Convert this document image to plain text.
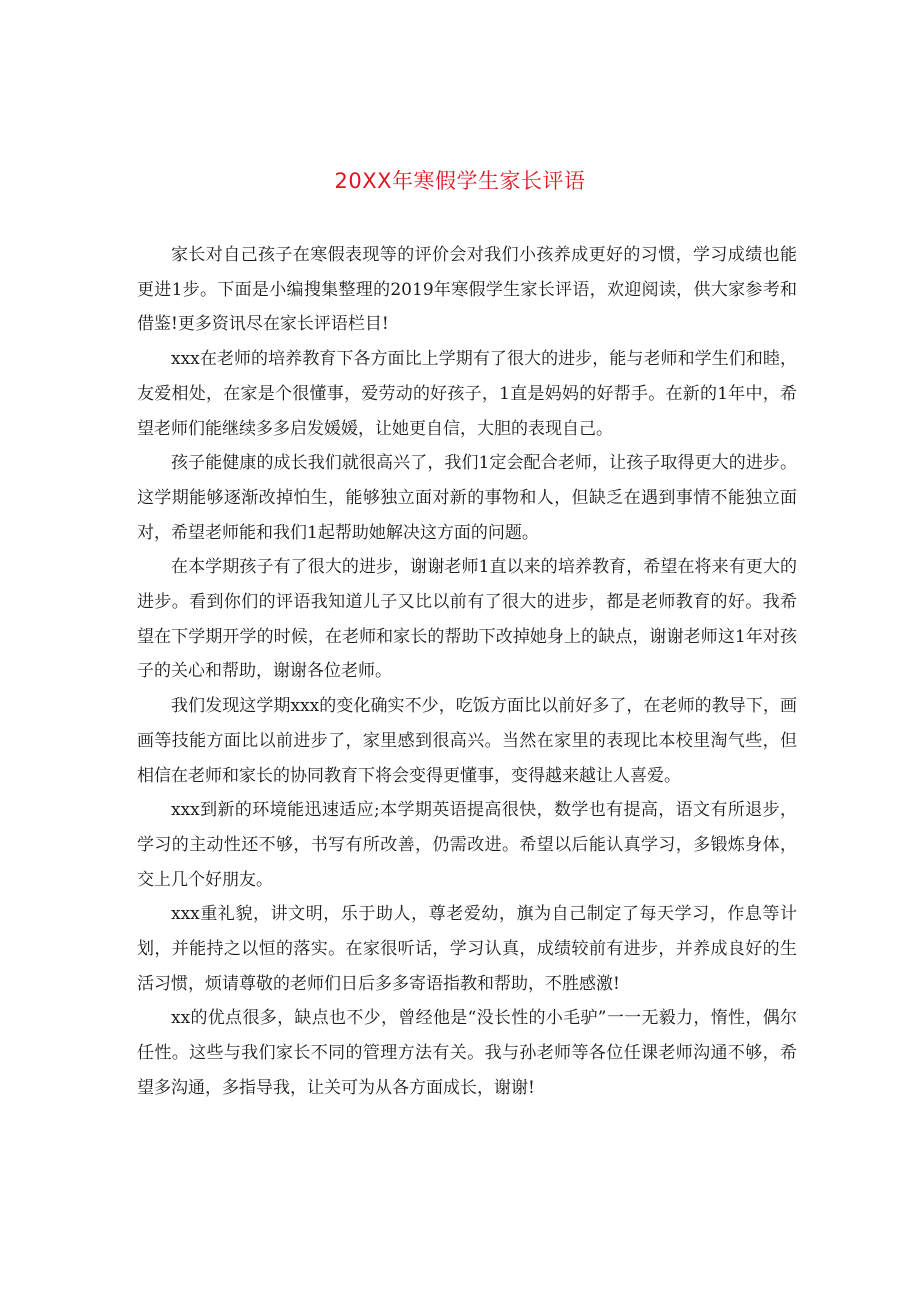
20XX年寒假学生家长评语

家长对自己孩子在寒假表现等的评价会对我们小孩养成更好的习惯，学习成绩也能更进1步。下面是小编搜集整理的2019年寒假学生家长评语，欢迎阅读，供大家参考和借鉴!更多资讯尽在家长评语栏目!

xxx在老师的培养教育下各方面比上学期有了很大的进步，能与老师和学生们和睦，友爱相处，在家是个很懂事，爱劳动的好孩子，1直是妈妈的好帮手。在新的1年中，希望老师们能继续多多启发媛媛，让她更自信，大胆的表现自己。

孩子能健康的成长我们就很高兴了，我们1定会配合老师，让孩子取得更大的进步。这学期能够逐渐改掉怕生，能够独立面对新的事物和人，但缺乏在遇到事情不能独立面对，希望老师能和我们1起帮助她解决这方面的问题。

在本学期孩子有了很大的进步，谢谢老师1直以来的培养教育，希望在将来有更大的进步。看到你们的评语我知道儿子又比以前有了很大的进步，都是老师教育的好。我希望在下学期开学的时候，在老师和家长的帮助下改掉她身上的缺点，谢谢老师这1年对孩子的关心和帮助，谢谢各位老师。

我们发现这学期xxx的变化确实不少，吃饭方面比以前好多了，在老师的教导下，画画等技能方面比以前进步了，家里感到很高兴。当然在家里的表现比本校里淘气些，但相信在老师和家长的协同教育下将会变得更懂事，变得越来越让人喜爱。

xxx到新的环境能迅速适应;本学期英语提高很快，数学也有提高，语文有所退步，学习的主动性还不够，书写有所改善，仍需改进。希望以后能认真学习，多锻炼身体，交上几个好朋友。

xxx重礼貌，讲文明，乐于助人，尊老爱幼，旗为自己制定了每天学习，作息等计划，并能持之以恒的落实。在家很听话，学习认真，成绩较前有进步，并养成良好的生活习惯，烦请尊敬的老师们日后多多寄语指教和帮助，不胜感激!

xx的优点很多，缺点也不少，曾经他是“没长性的小毛驴”一一无毅力，惰性，偶尔任性。这些与我们家长不同的管理方法有关。我与孙老师等各位任课老师沟通不够，希望多沟通，多指导我，让关可为从各方面成长，谢谢!
